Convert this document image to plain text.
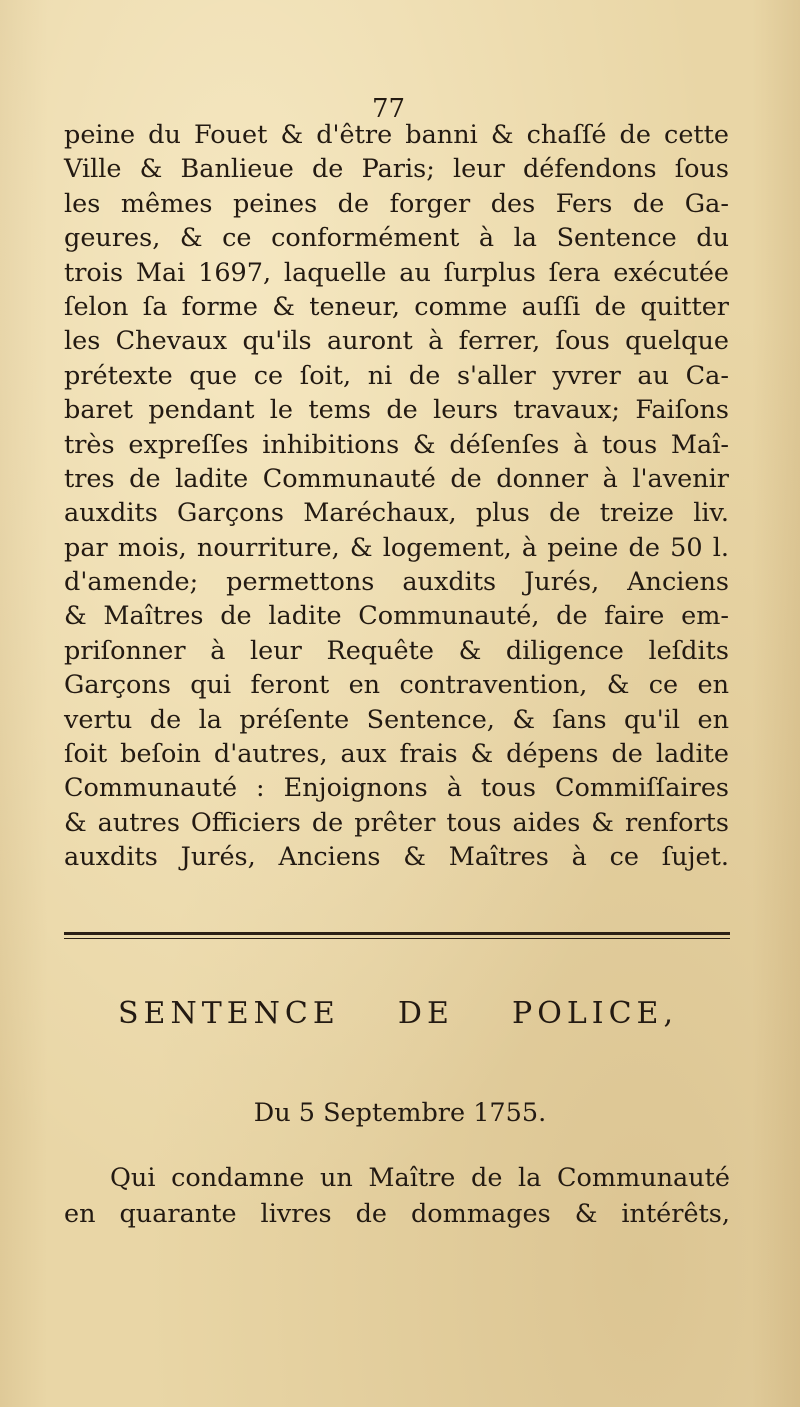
77
peine du Fouet & d'être banni & chaſſé de cette
Ville & Banlieue de Paris; leur défendons ſous
les mêmes peines de forger des Fers de Ga-
geures, & ce conformément à la Sentence du
trois Mai 1697, laquelle au ſurplus ſera exécutée
ſelon ſa forme & teneur, comme auſſi de quitter
les Chevaux qu'ils auront à ferrer, ſous quelque
prétexte que ce ſoit, ni de s'aller yvrer au Ca-
baret pendant le tems de leurs travaux; Faiſons
très expreſſes inhibitions & déſenſes à tous Maî-
tres de ladite Communauté de donner à l'avenir
auxdits Garçons Maréchaux, plus de treize liv.
par mois, nourriture, & logement, à peine de 50 l.
d'amende; permettons auxdits Jurés, Anciens
& Maîtres de ladite Communauté, de faire em-
priſonner à leur Requête & diligence leſdits
Garçons qui feront en contravention, & ce en
vertu de la préſente Sentence, & ſans qu'il en
ſoit beſoin d'autres, aux frais & dépens de ladite
Communauté : Enjoignons à tous Commiſſaires
& autres Officiers de prêter tous aides & renforts
auxdits Jurés, Anciens & Maîtres à ce ſujet.
SENTENCE DE POLICE,
Du 5 Septembre 1755.
Qui condamne un Maître de la Communauté
en quarante livres de dommages & intérêts,
